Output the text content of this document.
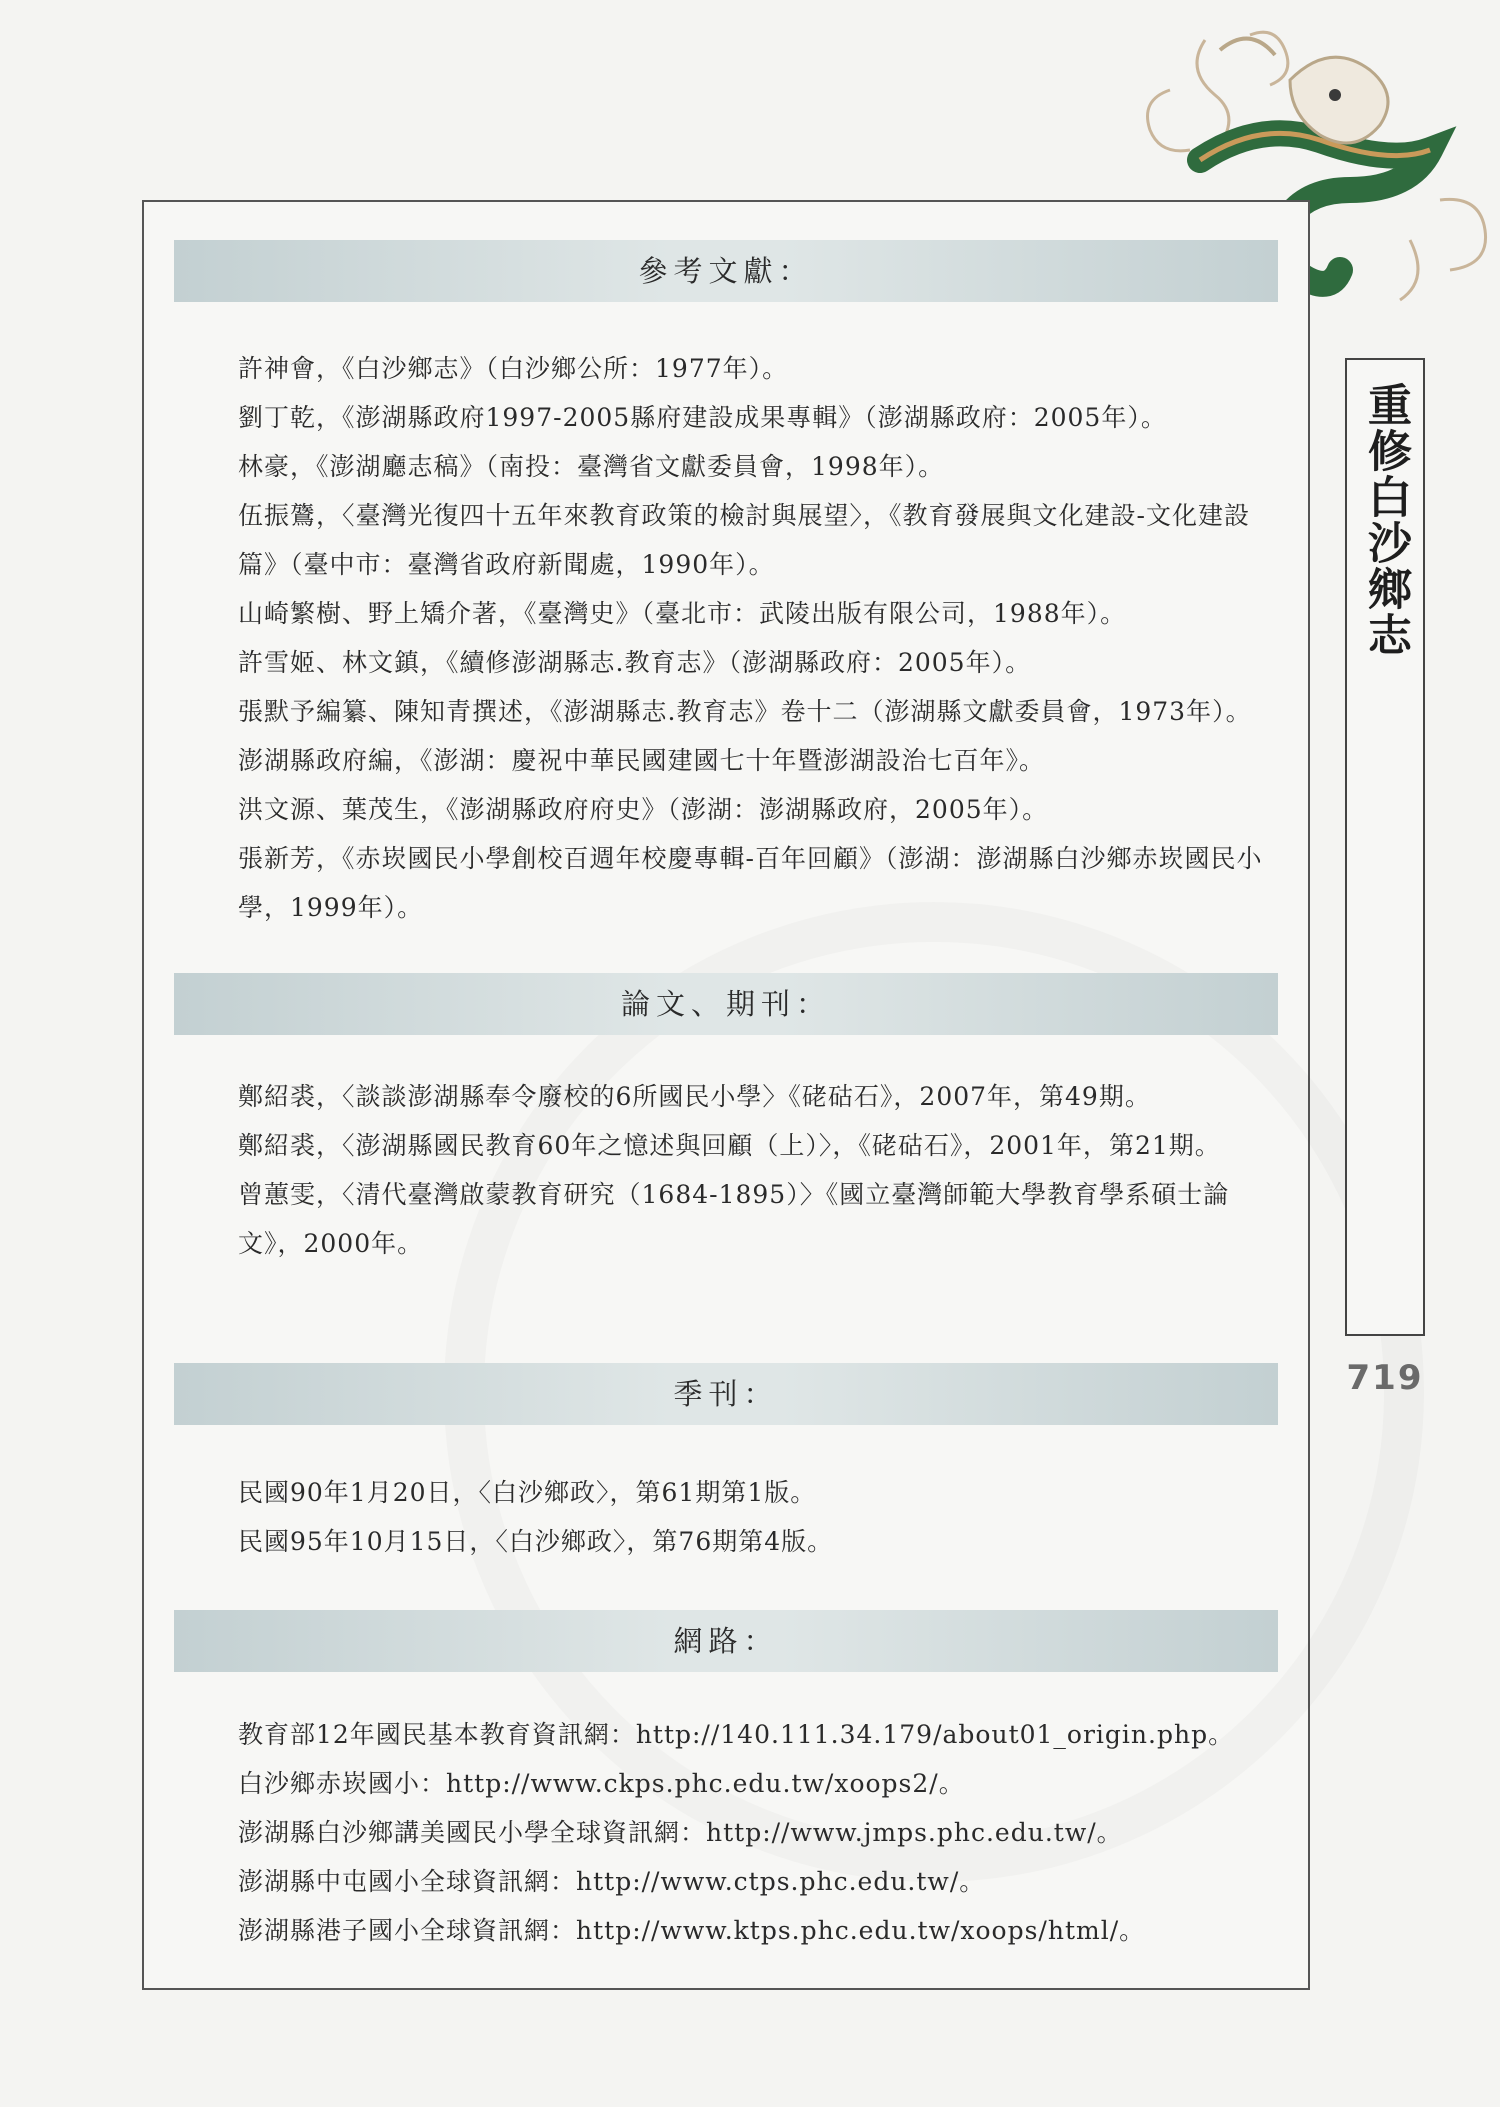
參考文獻：
許神會，《白沙鄉志》（白沙鄉公所：1977年）。
劉丁乾，《澎湖縣政府1997-2005縣府建設成果專輯》（澎湖縣政府：2005年）。
林豪，《澎湖廳志稿》（南投：臺灣省文獻委員會，1998年）。
伍振鷟，〈臺灣光復四十五年來教育政策的檢討與展望〉，《教育發展與文化建設-文化建設篇》（臺中市：臺灣省政府新聞處，1990年）。
山崎繁樹、野上矯介著，《臺灣史》（臺北市：武陵出版有限公司，1988年）。
許雪姬、林文鎮，《續修澎湖縣志.教育志》（澎湖縣政府：2005年）。
張默予編纂、陳知青撰述，《澎湖縣志.教育志》卷十二（澎湖縣文獻委員會，1973年）。
澎湖縣政府編，《澎湖：慶祝中華民國建國七十年暨澎湖設治七百年》。
洪文源、葉茂生，《澎湖縣政府府史》（澎湖：澎湖縣政府，2005年）。
張新芳，《赤崁國民小學創校百週年校慶專輯-百年回顧》（澎湖：澎湖縣白沙鄉赤崁國民小學，1999年）。
論文、期刊：
鄭紹裘，〈談談澎湖縣奉令廢校的6所國民小學〉《硓𥑮石》，2007年，第49期。
鄭紹裘，〈澎湖縣國民教育60年之憶述與回顧（上）〉，《硓𥑮石》，2001年，第21期。
曾蕙雯，〈清代臺灣啟蒙教育研究（1684-1895）〉《國立臺灣師範大學教育學系碩士論文》，2000年。
季刊：
民國90年1月20日，〈白沙鄉政〉，第61期第1版。
民國95年10月15日，〈白沙鄉政〉，第76期第4版。
網路：
教育部12年國民基本教育資訊網：http://140.111.34.179/about01_origin.php。
白沙鄉赤崁國小：http://www.ckps.phc.edu.tw/xoops2/。
澎湖縣白沙鄉講美國民小學全球資訊網：http://www.jmps.phc.edu.tw/。
澎湖縣中屯國小全球資訊網：http://www.ctps.phc.edu.tw/。
澎湖縣港子國小全球資訊網：http://www.ktps.phc.edu.tw/xoops/html/。
重修白沙鄉志
719
